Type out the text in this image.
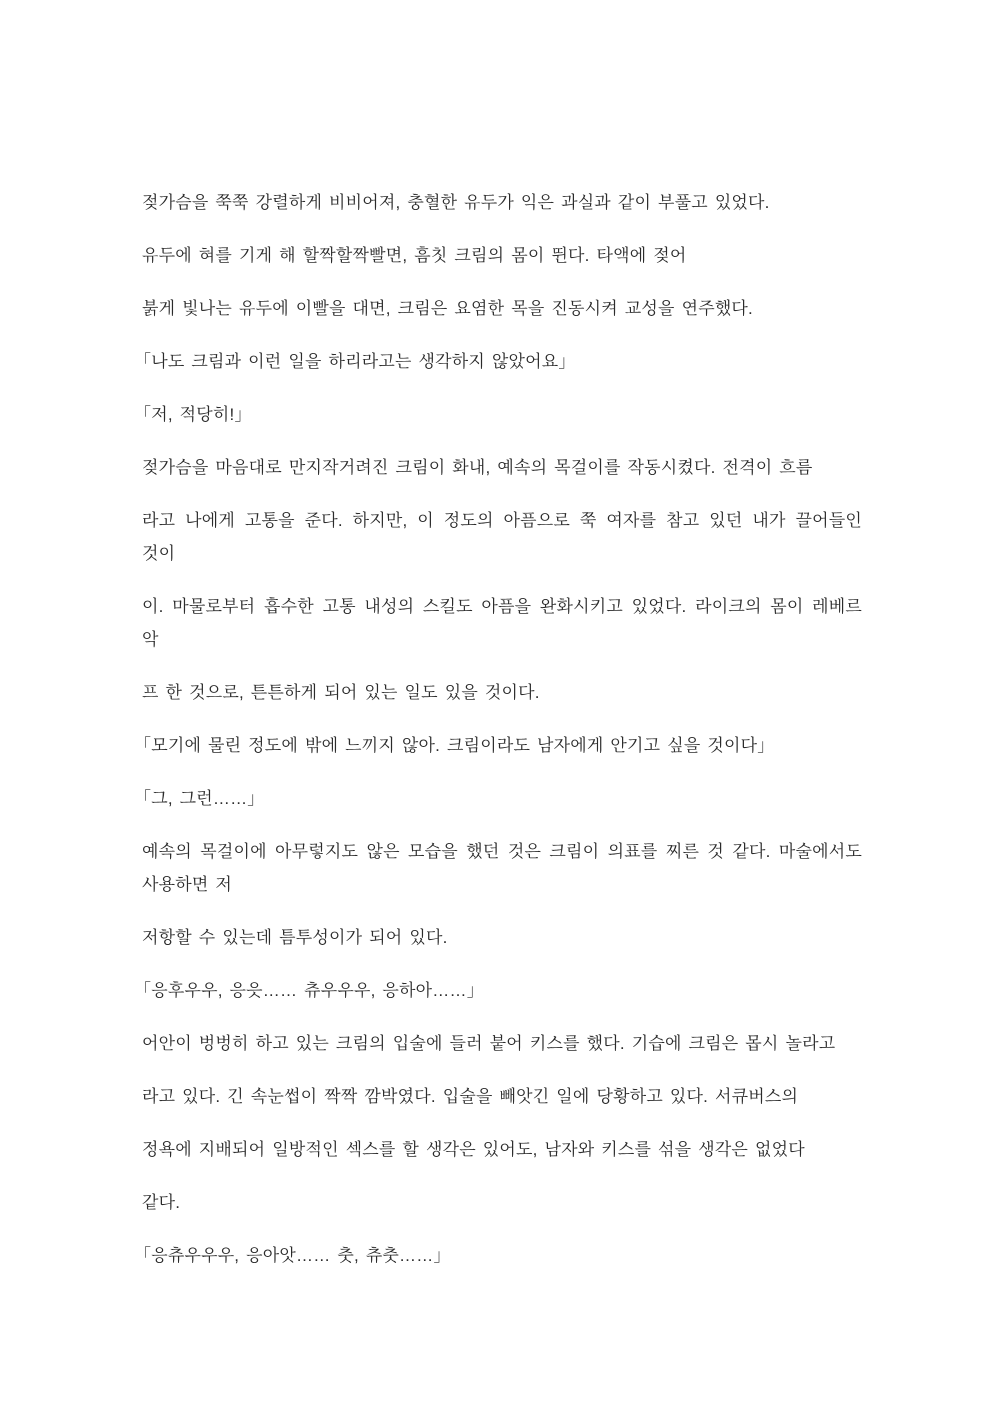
젖가슴을 쭉쭉 강렬하게 비비어져, 충혈한 유두가 익은 과실과 같이 부풀고 있었다.
유두에 혀를 기게 해 할짝할짝빨면, 흠칫 크림의 몸이 뛴다. 타액에 젖어
붉게 빛나는 유두에 이빨을 대면, 크림은 요염한 목을 진동시켜 교성을 연주했다.
「나도 크림과 이런 일을 하리라고는 생각하지 않았어요」
「저, 적당히!」
젖가슴을 마음대로 만지작거려진 크림이 화내, 예속의 목걸이를 작동시켰다. 전격이 흐름
라고 나에게 고통을 준다. 하지만, 이 정도의 아픔으로 쭉 여자를 참고 있던 내가 끌어들인
것이
이. 마물로부터 흡수한 고통 내성의 스킬도 아픔을 완화시키고 있었다. 라이크의 몸이 레베르
악
프 한 것으로, 튼튼하게 되어 있는 일도 있을 것이다.
「모기에 물린 정도에 밖에 느끼지 않아. 크림이라도 남자에게 안기고 싶을 것이다」
「그, 그런……」
예속의 목걸이에 아무렇지도 않은 모습을 했던 것은 크림이 의표를 찌른 것 같다. 마술에서도
사용하면 저
저항할 수 있는데 틈투성이가 되어 있다.
「응후우우, 응읏…… 츄우우우, 응하아……」
어안이 벙벙히 하고 있는 크림의 입술에 들러 붙어 키스를 했다. 기습에 크림은 몹시 놀라고
라고 있다. 긴 속눈썹이 짝짝 깜박였다. 입술을 빼앗긴 일에 당황하고 있다. 서큐버스의
정욕에 지배되어 일방적인 섹스를 할 생각은 있어도, 남자와 키스를 섞을 생각은 없었다
같다.
「응츄우우우, 응아앗…… 춧, 츄춧……」
